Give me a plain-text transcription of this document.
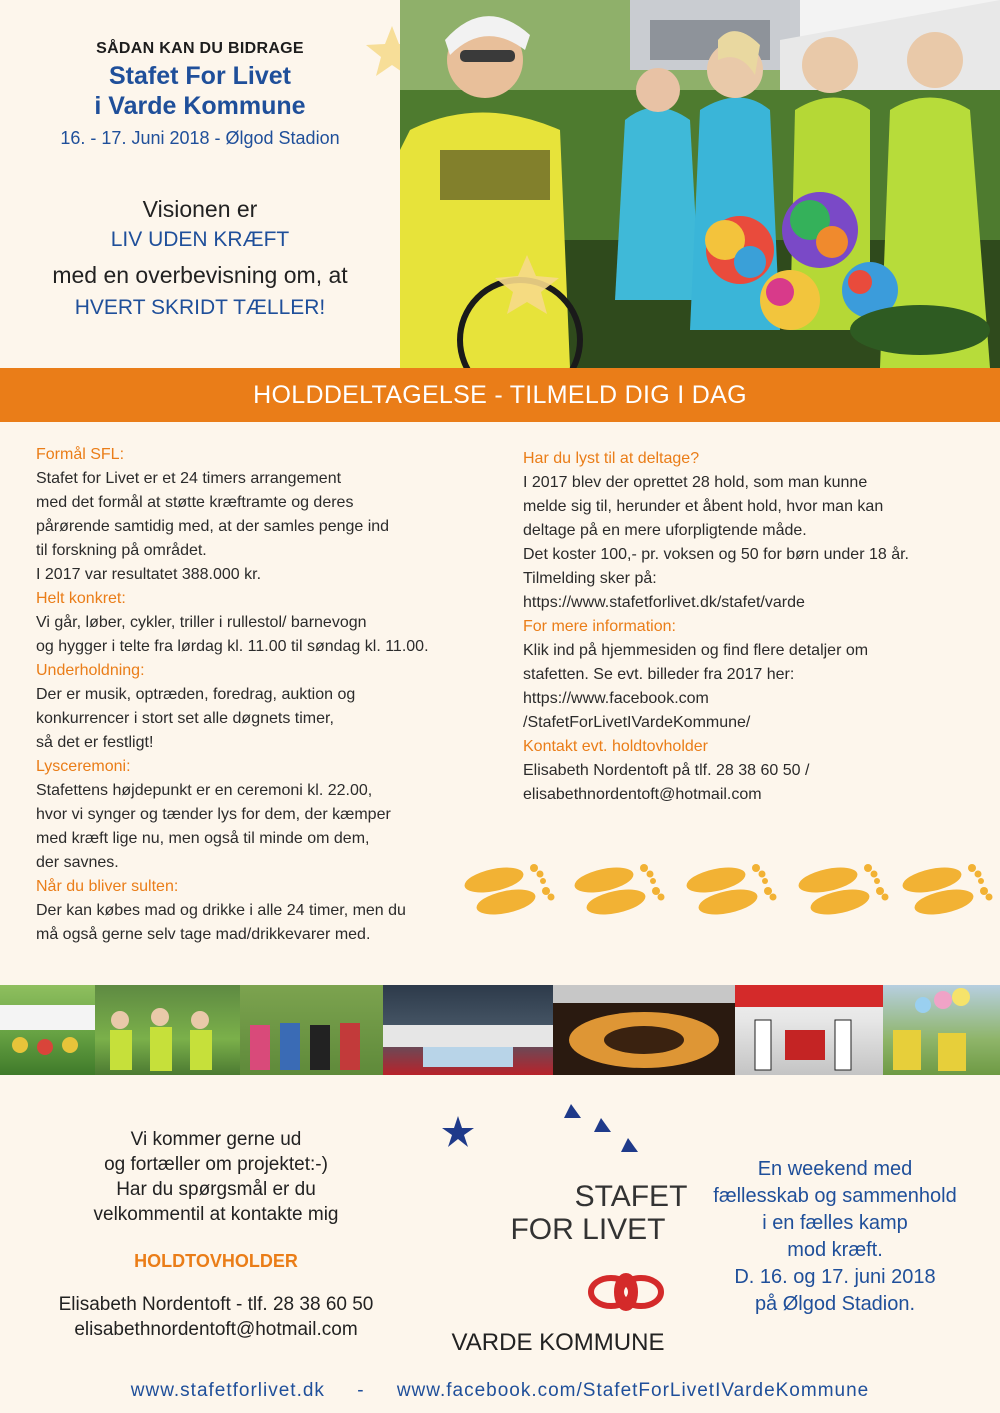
SÅDAN KAN DU BIDRAGE
Stafet For Livet
i Varde Kommune
16. - 17. Juni 2018 - Ølgod Stadion
Visionen er
LIV UDEN KRÆFT
med en overbevisning om, at
HVERT SKRIDT TÆLLER!
HOLDDELTAGELSE - TILMELD DIG I DAG

Formål SFL:

Stafet for Livet er et 24 timers arrangement

med det formål at støtte kræftramte og deres

pårørende samtidig med, at der samles penge ind

til forskning på området.

I 2017 var resultatet 388.000 kr.

Helt konkret:

Vi går, løber, cykler, triller i rullestol/ barnevogn

og hygger i telte fra lørdag kl. 11.00 til søndag kl. 11.00.

Underholdning:

Der er musik, optræden, foredrag, auktion og

konkurrencer i stort set alle døgnets timer,

så det er festligt!

Lysceremoni:

Stafettens højdepunkt er en ceremoni kl. 22.00,

hvor vi synger og tænder lys for dem, der kæmper

med kræft lige nu, men også til minde om dem,

der savnes.

Når du bliver sulten:

Der kan købes mad og drikke i alle 24 timer, men du

må også gerne selv tage mad/drikkevarer med.

Har du lyst til at deltage?

I 2017 blev der oprettet 28 hold, som man kunne

melde sig til, herunder et åbent hold, hvor man kan

deltage på en mere uforpligtende måde.

Det koster 100,- pr. voksen og 50 for børn under 18 år.

Tilmelding sker på:

https://www.stafetforlivet.dk/stafet/varde

For mere information:

Klik ind på hjemmesiden og find flere detaljer om

stafetten. Se evt. billeder fra 2017 her:

https://www.facebook.com

/StafetForLivetIVardeKommune/

Kontakt evt. holdtovholder

Elisabeth Nordentoft på tlf. 28 38 60 50 /

elisabethnordentoft@hotmail.com

Vi kommer gerne ud

og fortæller om projektet:-)

Har du spørgsmål er du

velkommentil at kontakte mig

HOLDTOVHOLDER

Elisabeth Nordentoft - tlf. 28 38 60 50

elisabethnordentoft@hotmail.com

STAFET
FOR LIVET
VARDE KOMMUNE

En weekend med

fællesskab og sammenhold

i en fælles kamp

mod kræft.

D. 16. og 17. juni 2018

på Ølgod Stadion.

www.stafetforlivet.dk - www.facebook.com/StafetForLivetIVardeKommune
